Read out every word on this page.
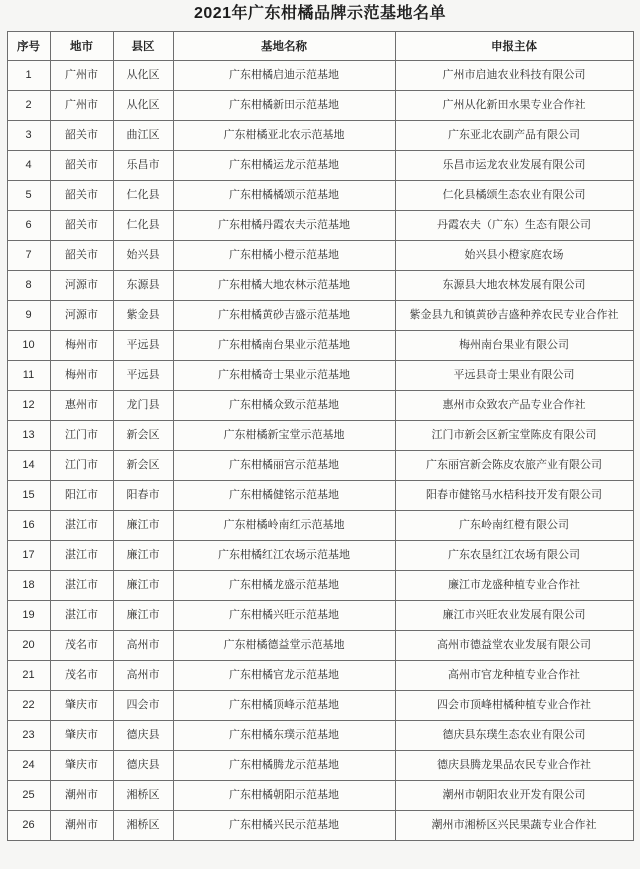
2021年广东柑橘品牌示范基地名单
序号	地市	县区	基地名称	申报主体
1	广州市	从化区	广东柑橘启迪示范基地	广州市启迪农业科技有限公司
2	广州市	从化区	广东柑橘新田示范基地	广州从化新田水果专业合作社
3	韶关市	曲江区	广东柑橘亚北农示范基地	广东亚北农副产品有限公司
4	韶关市	乐昌市	广东柑橘运龙示范基地	乐昌市运龙农业发展有限公司
5	韶关市	仁化县	广东柑橘橘颂示范基地	仁化县橘颂生态农业有限公司
6	韶关市	仁化县	广东柑橘丹霞农夫示范基地	丹霞农夫（广东）生态有限公司
7	韶关市	始兴县	广东柑橘小橙示范基地	始兴县小橙家庭农场
8	河源市	东源县	广东柑橘大地农林示范基地	东源县大地农林发展有限公司
9	河源市	紫金县	广东柑橘黄砂吉盛示范基地	紫金县九和镇黄砂吉盛种养农民专业合作社
10	梅州市	平远县	广东柑橘南台果业示范基地	梅州南台果业有限公司
11	梅州市	平远县	广东柑橘奇士果业示范基地	平远县奇士果业有限公司
12	惠州市	龙门县	广东柑橘众致示范基地	惠州市众致农产品专业合作社
13	江门市	新会区	广东柑橘新宝堂示范基地	江门市新会区新宝堂陈皮有限公司
14	江门市	新会区	广东柑橘丽宫示范基地	广东丽宫新会陈皮农旅产业有限公司
15	阳江市	阳春市	广东柑橘健铭示范基地	阳春市健铭马水桔科技开发有限公司
16	湛江市	廉江市	广东柑橘岭南红示范基地	广东岭南红橙有限公司
17	湛江市	廉江市	广东柑橘红江农场示范基地	广东农垦红江农场有限公司
18	湛江市	廉江市	广东柑橘龙盛示范基地	廉江市龙盛种植专业合作社
19	湛江市	廉江市	广东柑橘兴旺示范基地	廉江市兴旺农业发展有限公司
20	茂名市	高州市	广东柑橘德益堂示范基地	高州市德益堂农业发展有限公司
21	茂名市	高州市	广东柑橘官龙示范基地	高州市官龙种植专业合作社
22	肇庆市	四会市	广东柑橘顶峰示范基地	四会市顶峰柑橘种植专业合作社
23	肇庆市	德庆县	广东柑橘东璞示范基地	德庆县东璞生态农业有限公司
24	肇庆市	德庆县	广东柑橘腾龙示范基地	德庆县腾龙果品农民专业合作社
25	潮州市	湘桥区	广东柑橘朝阳示范基地	潮州市朝阳农业开发有限公司
26	潮州市	湘桥区	广东柑橘兴民示范基地	潮州市湘桥区兴民果蔬专业合作社
